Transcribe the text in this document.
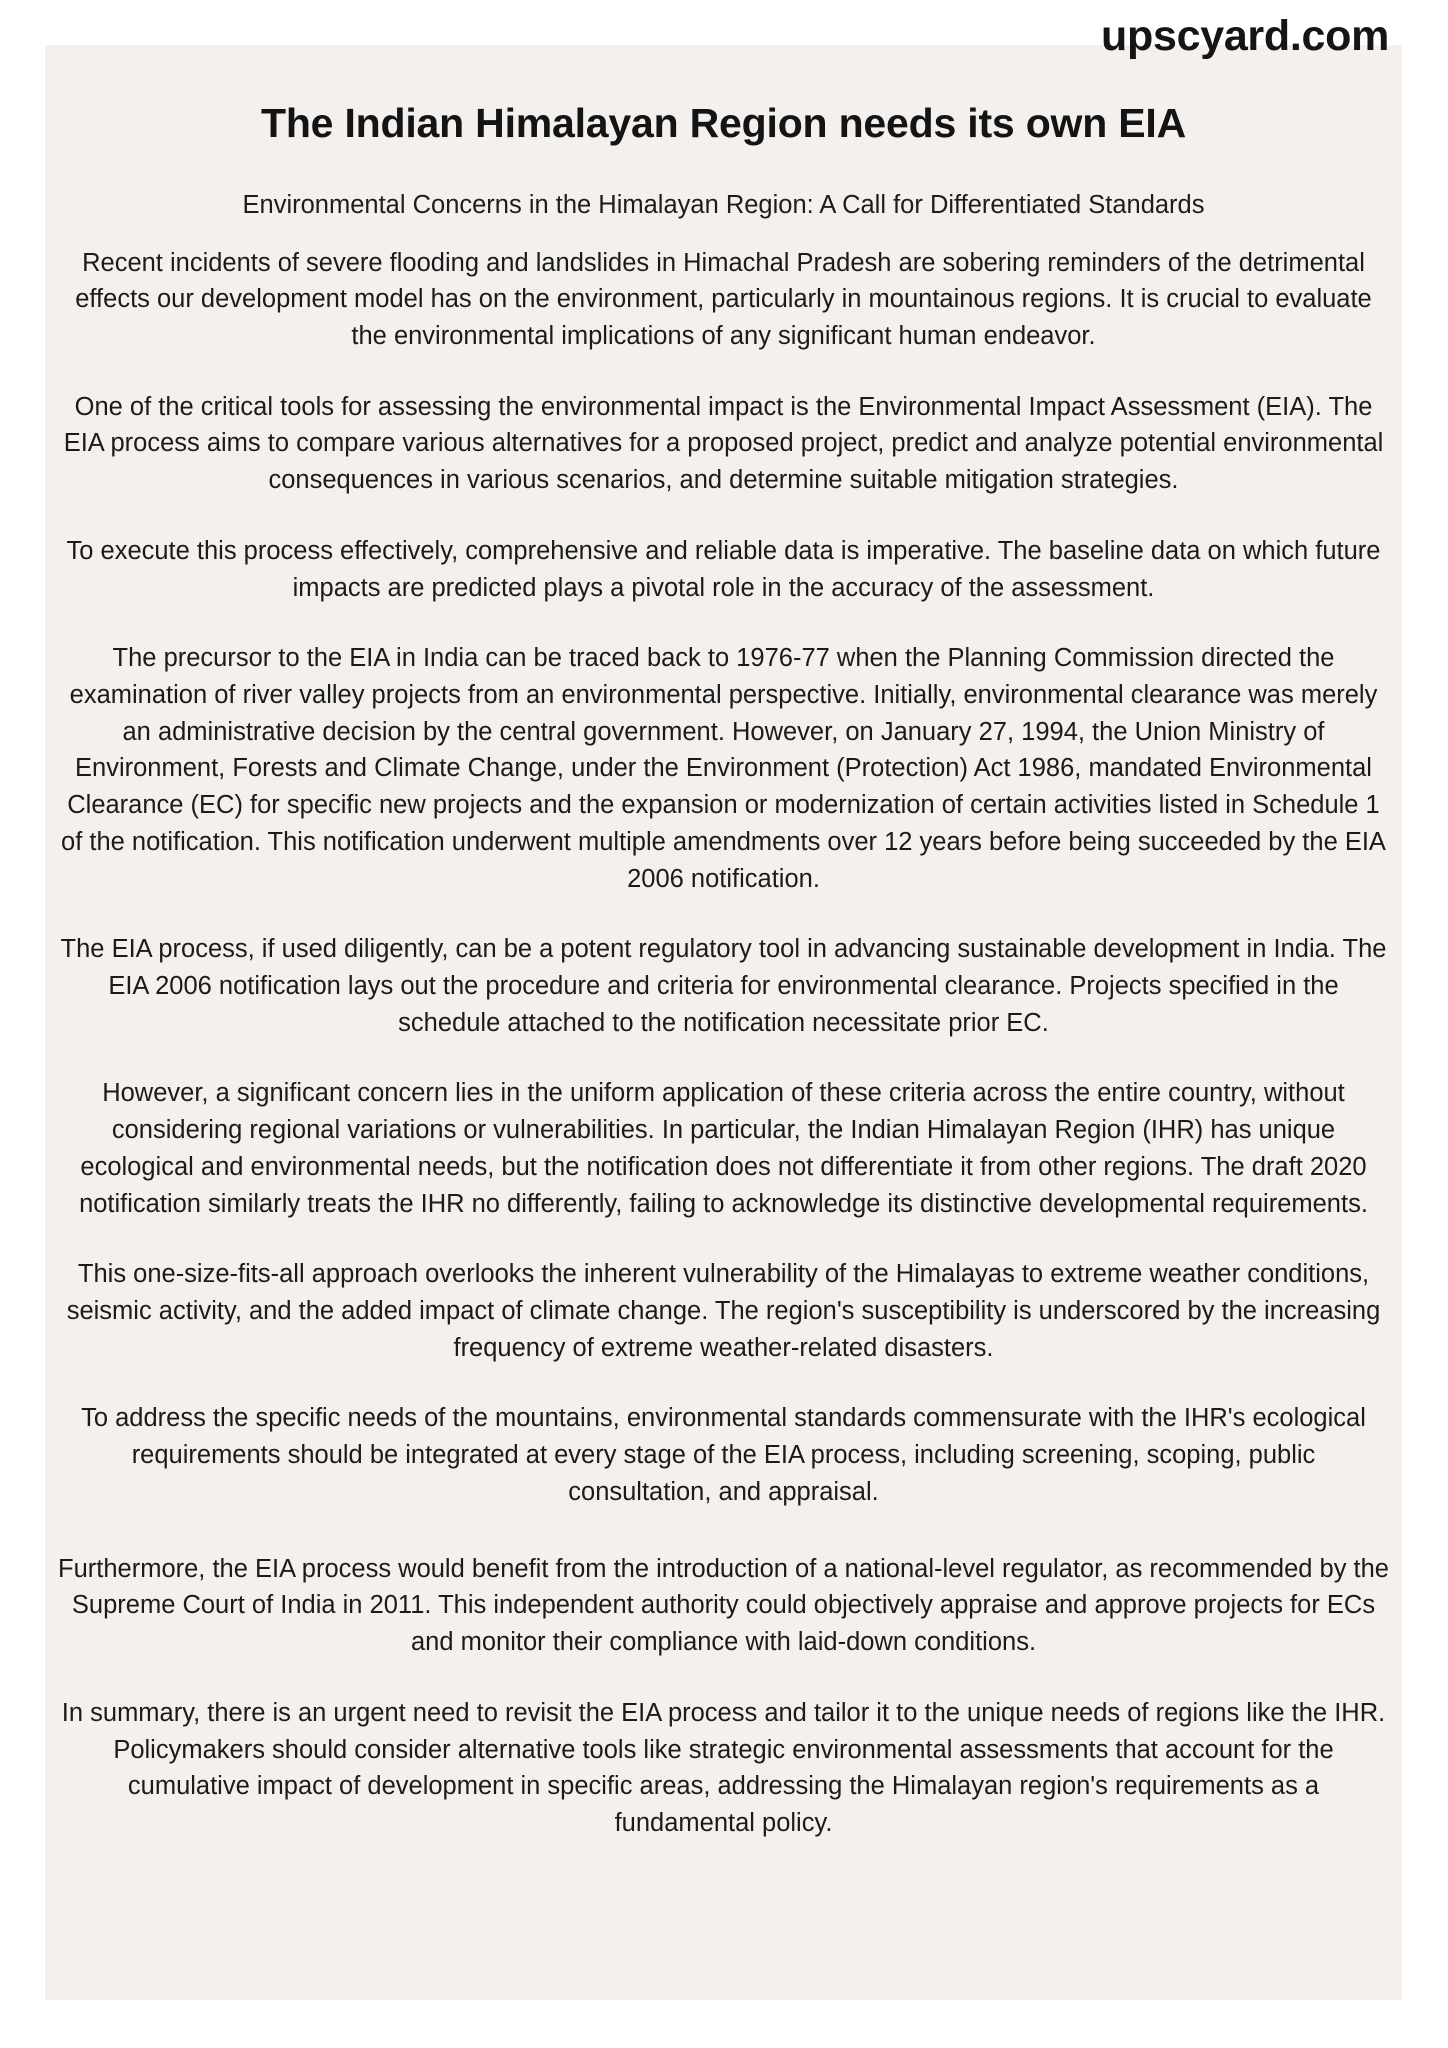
upscyard.com
The Indian Himalayan Region needs its own EIA

Environmental Concerns in the Himalayan Region: A Call for Differentiated Standards

Recent incidents of severe flooding and landslides in Himachal Pradesh are sobering reminders of the detrimental effects our development model has on the environment, particularly in mountainous regions. It is crucial to evaluate the environmental implications of any significant human endeavor.

One of the critical tools for assessing the environmental impact is the Environmental Impact Assessment (EIA). The EIA process aims to compare various alternatives for a proposed project, predict and analyze potential environmental consequences in various scenarios, and determine suitable mitigation strategies.

To execute this process effectively, comprehensive and reliable data is imperative. The baseline data on which future impacts are predicted plays a pivotal role in the accuracy of the assessment.

The precursor to the EIA in India can be traced back to 1976-77 when the Planning Commission directed the examination of river valley projects from an environmental perspective. Initially, environmental clearance was merely an administrative decision by the central government. However, on January 27, 1994, the Union Ministry of Environment, Forests and Climate Change, under the Environment (Protection) Act 1986, mandated Environmental Clearance (EC) for specific new projects and the expansion or modernization of certain activities listed in Schedule 1 of the notification. This notification underwent multiple amendments over 12 years before being succeeded by the EIA 2006 notification.

The EIA process, if used diligently, can be a potent regulatory tool in advancing sustainable development in India. The EIA 2006 notification lays out the procedure and criteria for environmental clearance. Projects specified in the schedule attached to the notification necessitate prior EC.

However, a significant concern lies in the uniform application of these criteria across the entire country, without considering regional variations or vulnerabilities. In particular, the Indian Himalayan Region (IHR) has unique ecological and environmental needs, but the notification does not differentiate it from other regions. The draft 2020 notification similarly treats the IHR no differently, failing to acknowledge its distinctive developmental requirements.

This one-size-fits-all approach overlooks the inherent vulnerability of the Himalayas to extreme weather conditions, seismic activity, and the added impact of climate change. The region's susceptibility is underscored by the increasing frequency of extreme weather-related disasters.

To address the specific needs of the mountains, environmental standards commensurate with the IHR's ecological requirements should be integrated at every stage of the EIA process, including screening, scoping, public consultation, and appraisal.

Furthermore, the EIA process would benefit from the introduction of a national-level regulator, as recommended by the Supreme Court of India in 2011. This independent authority could objectively appraise and approve projects for ECs and monitor their compliance with laid-down conditions.

In summary, there is an urgent need to revisit the EIA process and tailor it to the unique needs of regions like the IHR. Policymakers should consider alternative tools like strategic environmental assessments that account for the cumulative impact of development in specific areas, addressing the Himalayan region's requirements as a fundamental policy.
